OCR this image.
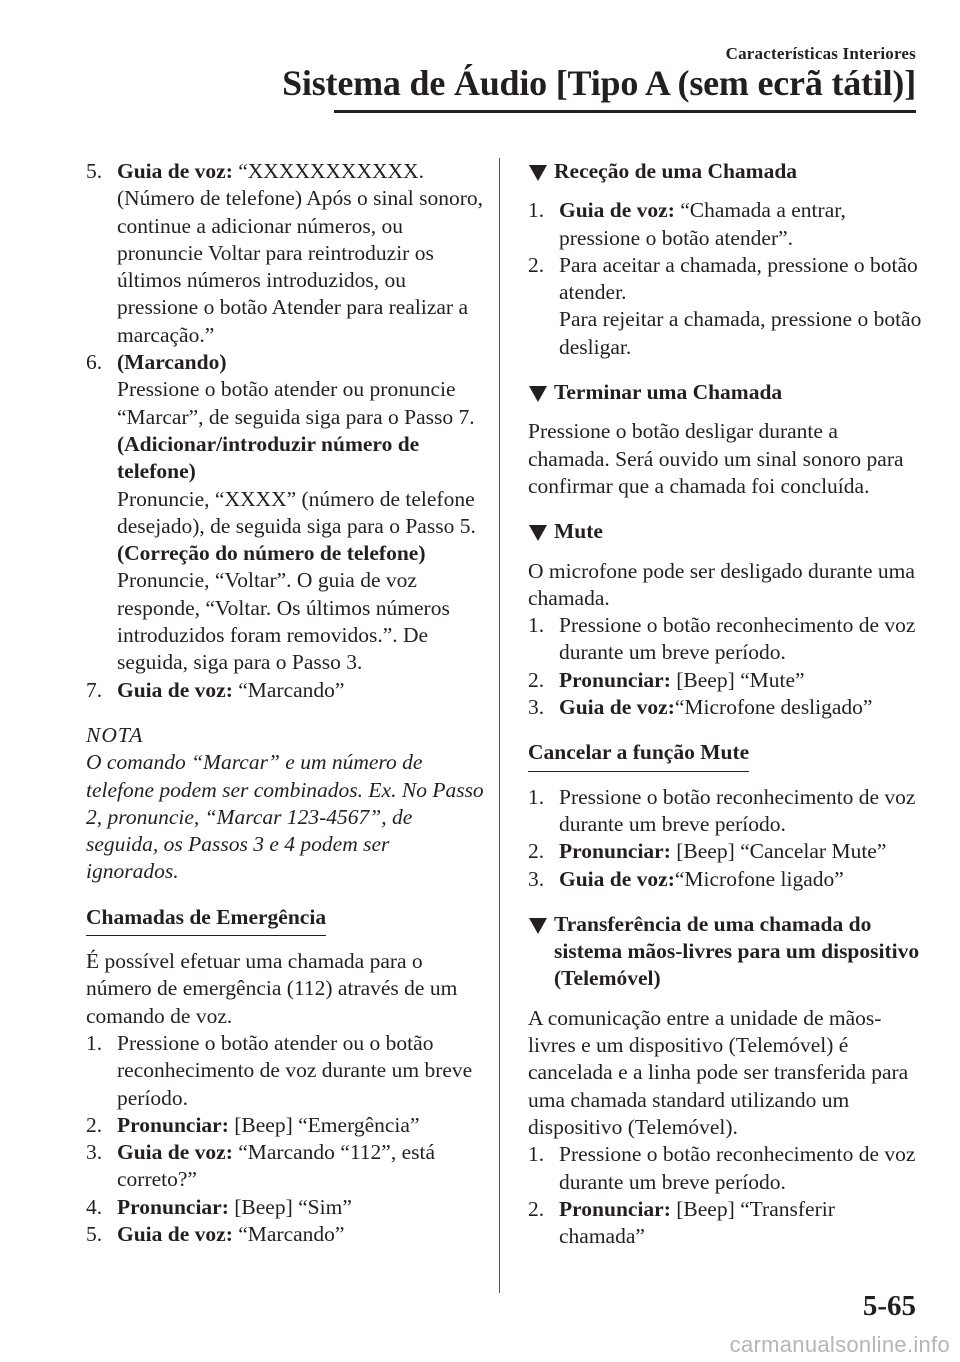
Características Interiores
Sistema de Áudio [Tipo A (sem ecrã tátil)]
5. Guia de voz: “XXXXXXXXXXX. (Número de telefone) Após o sinal sonoro, continue a adicionar números, ou pronuncie Voltar para reintroduzir os últimos números introduzidos, ou pressione o botão Atender para realizar a marcação.”
6. (Marcando)
Pressione o botão atender ou pronuncie “Marcar”, de seguida siga para o Passo 7.
(Adicionar/introduzir número de telefone)
Pronuncie, “XXXX” (número de telefone desejado), de seguida siga para o Passo 5.
(Correção do número de telefone)
Pronuncie, “Voltar”. O guia de voz responde, “Voltar. Os últimos números introduzidos foram removidos.”. De seguida, siga para o Passo 3.
7. Guia de voz: “Marcando”

NOTA

O comando “Marcar” e um número de telefone podem ser combinados. Ex. No Passo 2, pronuncie, “Marcar 123-4567”, de seguida, os Passos 3 e 4 podem ser ignorados.

Chamadas de Emergência

É possível efetuar uma chamada para o número de emergência (112) através de um comando de voz.

1. Pressione o botão atender ou o botão reconhecimento de voz durante um breve período.
2. Pronunciar: [Beep] “Emergência”
3. Guia de voz: “Marcando “112”, está correto?”
4. Pronunciar: [Beep] “Sim”
5. Guia de voz: “Marcando”

Receção de uma Chamada

1. Guia de voz: “Chamada a entrar, pressione o botão atender”.
2. Para aceitar a chamada, pressione o botão atender.
Para rejeitar a chamada, pressione o botão desligar.

Terminar uma Chamada

Pressione o botão desligar durante a chamada. Será ouvido um sinal sonoro para confirmar que a chamada foi concluída.

Mute

O microfone pode ser desligado durante uma chamada.

1. Pressione o botão reconhecimento de voz durante um breve período.
2. Pronunciar: [Beep] “Mute”
3. Guia de voz:“Microfone desligado”
Cancelar a função Mute
1. Pressione o botão reconhecimento de voz durante um breve período.
2. Pronunciar: [Beep] “Cancelar Mute”
3. Guia de voz:“Microfone ligado”

Transferência de uma chamada do sistema mãos-livres para um dispositivo (Telemóvel)

A comunicação entre a unidade de mãos-livres e um dispositivo (Telemóvel) é cancelada e a linha pode ser transferida para uma chamada standard utilizando um dispositivo (Telemóvel).

1. Pressione o botão reconhecimento de voz durante um breve período.
2. Pronunciar: [Beep] “Transferir chamada”
5-65
carmanualsonline.info
